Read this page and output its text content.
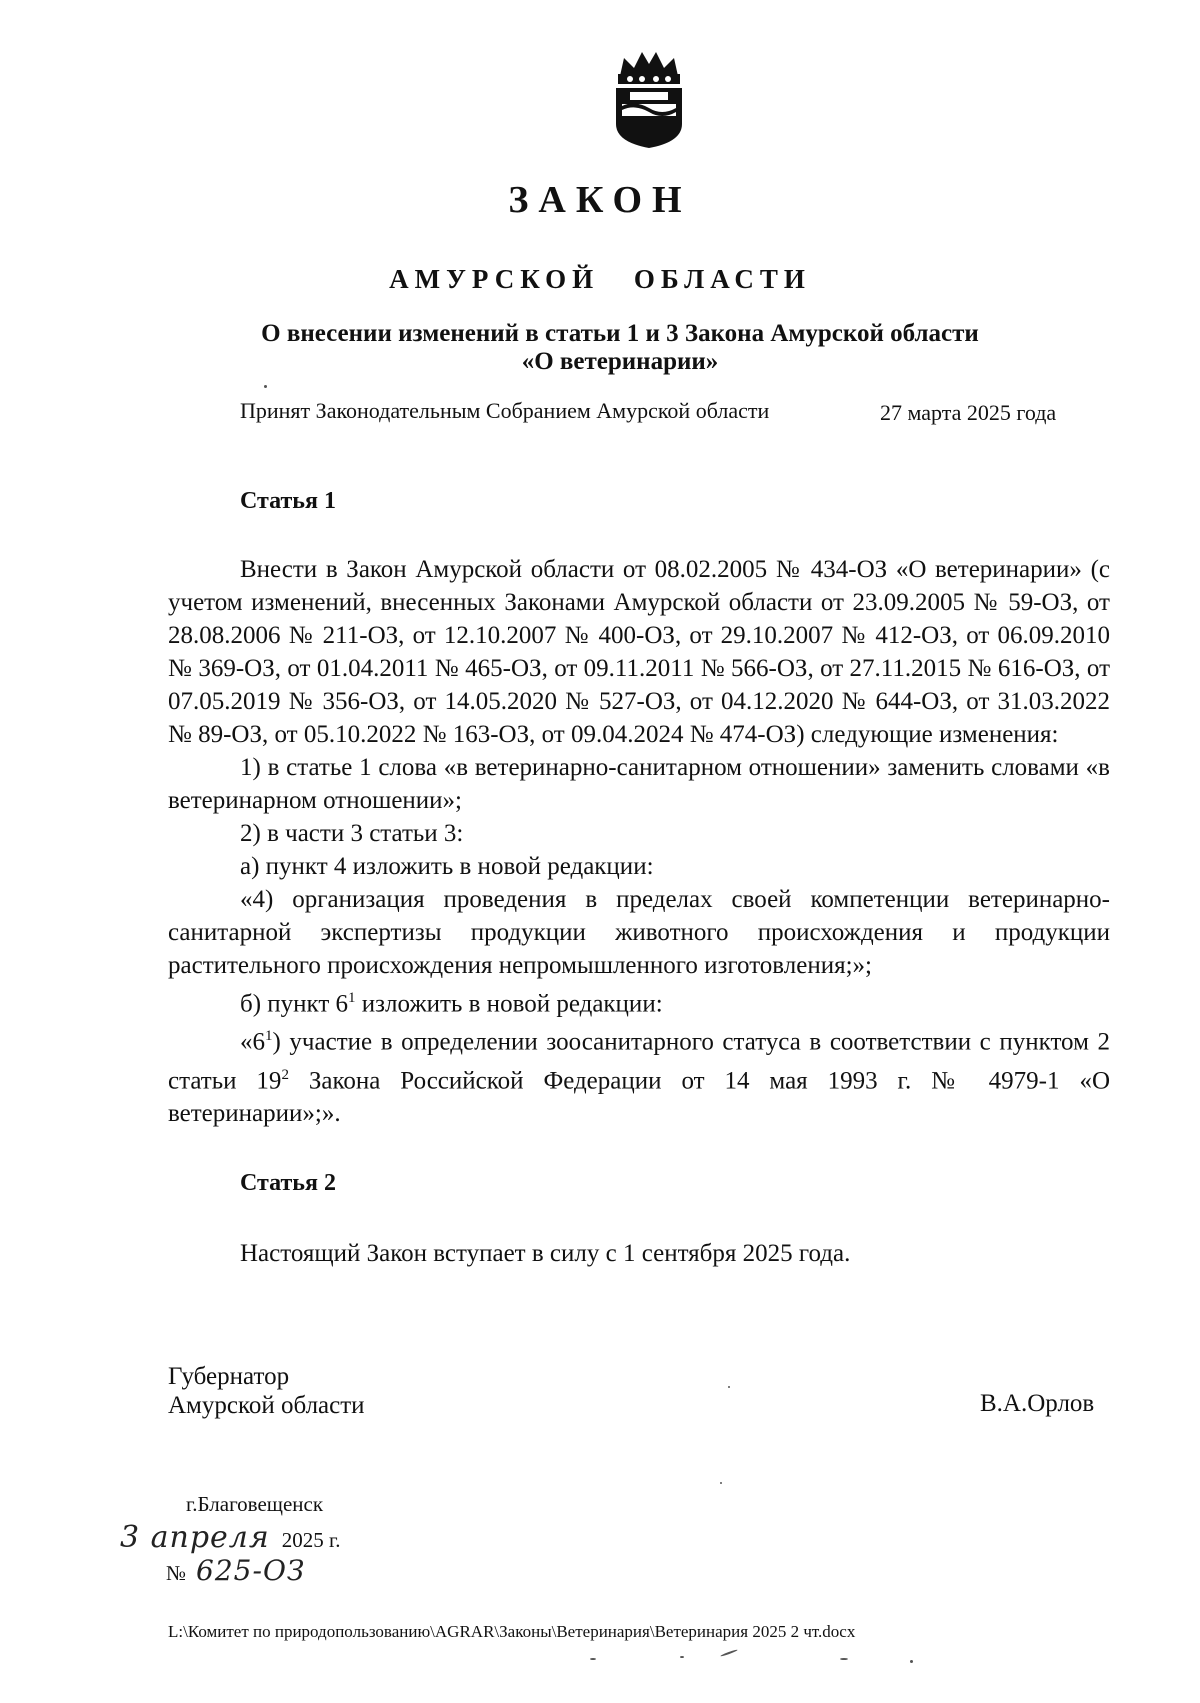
ЗАКОН
АМУРСКОЙ ОБЛАСТИ
О внесении изменений в статьи 1 и 3 Закона Амурской области
«О ветеринарии»
Принят Законодательным Собранием Амурской области	27 марта 2025 года
Статья 1

Внести в Закон Амурской области от 08.02.2005 № 434-ОЗ «О ветеринарии» (с учетом изменений, внесенных Законами Амурской области от 23.09.2005 № 59-ОЗ, от 28.08.2006 № 211-ОЗ, от 12.10.2007 № 400-ОЗ, от 29.10.2007 № 412-ОЗ, от 06.09.2010 № 369-ОЗ, от 01.04.2011 № 465-ОЗ, от 09.11.2011 № 566-ОЗ, от 27.11.2015 № 616-ОЗ, от 07.05.2019 № 356-ОЗ, от 14.05.2020 № 527-ОЗ, от 04.12.2020 № 644-ОЗ, от 31.03.2022 № 89-ОЗ, от 05.10.2022 № 163-ОЗ, от 09.04.2024 № 474-ОЗ) следующие изменения:

1) в статье 1 слова «в ветеринарно-санитарном отношении» заменить словами «в ветеринарном отношении»;

2) в части 3 статьи 3:

а) пункт 4 изложить в новой редакции:

«4) организация проведения в пределах своей компетенции ветеринарно-санитарной экспертизы продукции животного происхождения и продукции растительного происхождения непромышленного изготовления;»;

б) пункт $6^1$ изложить в новой редакции:

«$6^1$) участие в определении зоосанитарного статуса в соответствии с пунктом 2 статьи $19^2$ Закона Российской Федерации от 14 мая 1993 г. № 4979-1 «О ветеринарии»;».

Статья 2
Настоящий Закон вступает в силу с 1 сентября 2025 года.
Губернатор
Амурской области	В.А.Орлов
г.Благовещенск
3 апреля 2025 г.
№ 625-ОЗ
L:\Комитет по природопользованию\AGRAR\Законы\Ветеринария\Ветеринария 2025 2 чт.docx
